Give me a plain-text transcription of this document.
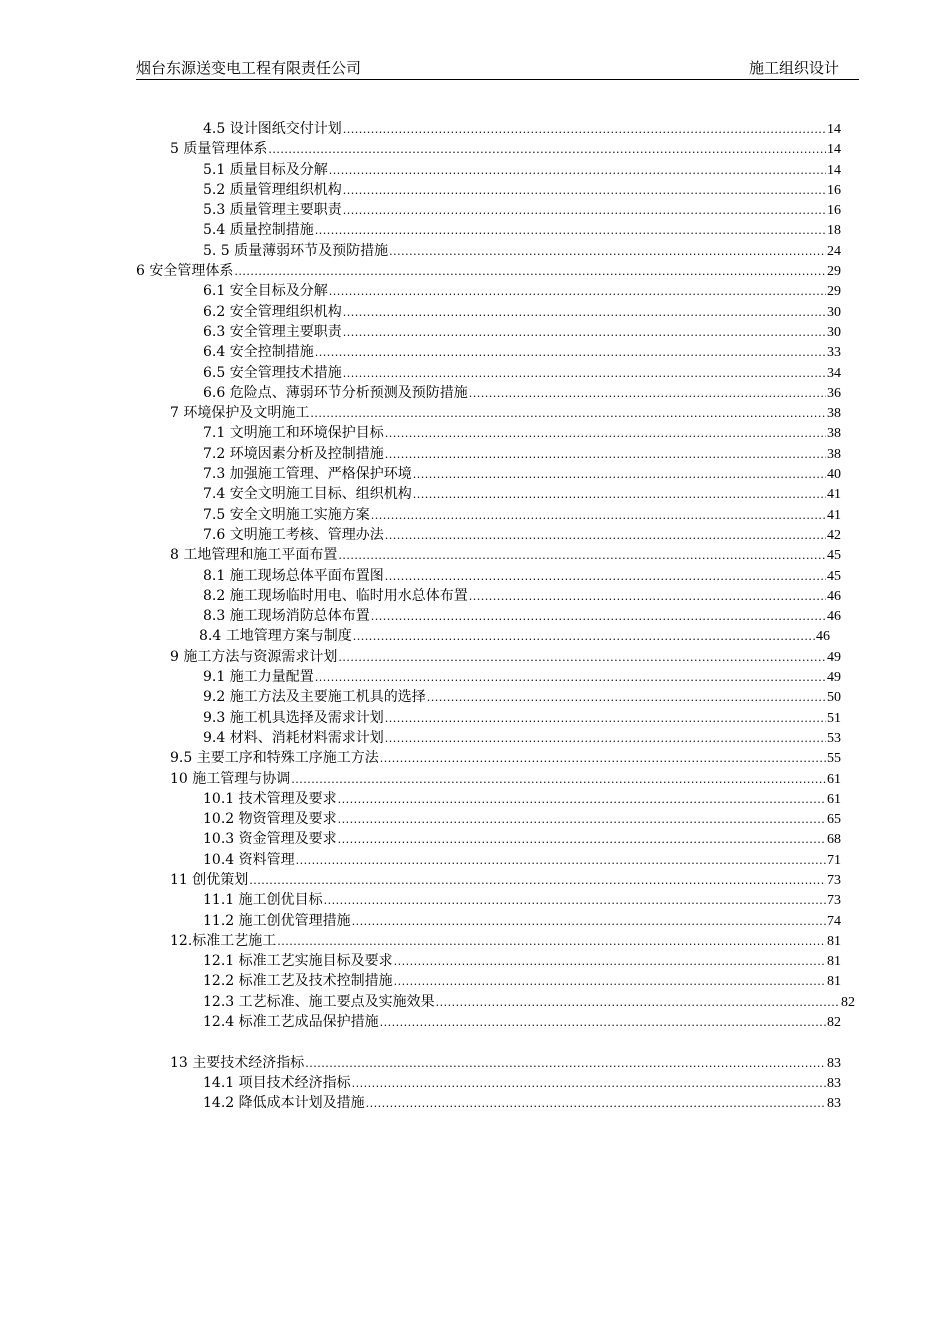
烟台东源送变电工程有限责任公司	施工组织设计
4.5 设计图纸交付计划 .....	14
5 质量管理体系 .....	14
5.1 质量目标及分解 .....	14
5.2 质量管理组织机构 .....	16
5.3 质量管理主要职责 .....	16
5.4 质量控制措施 .....	18
5. 5 质量薄弱环节及预防措施 .....	24
6 安全管理体系 .....	29
6.1 安全目标及分解 .....	29
6.2 安全管理组织机构 .....	30
6.3 安全管理主要职责 .....	30
6.4 安全控制措施 .....	33
6.5 安全管理技术措施 .....	34
6.6 危险点、薄弱环节分析预测及预防措施 .....	36
7 环境保护及文明施工 .....	38
7.1 文明施工和环境保护目标 .....	38
7.2 环境因素分析及控制措施 .....	38
7.3 加强施工管理、严格保护环境 .....	40
7.4 安全文明施工目标、组织机构 .....	41
7.5 安全文明施工实施方案 .....	41
7.6 文明施工考核、管理办法 .....	42
8 工地管理和施工平面布置 .....	45
8.1 施工现场总体平面布置图 .....	45
8.2 施工现场临时用电、临时用水总体布置 .....	46
8.3 施工现场消防总体布置 .....	46
8.4 工地管理方案与制度 .....	46
9 施工方法与资源需求计划 .....	49
9.1 施工力量配置 .....	49
9.2 施工方法及主要施工机具的选择 .....	50
9.3 施工机具选择及需求计划 .....	51
9.4 材料、消耗材料需求计划 .....	53
9.5 主要工序和特殊工序施工方法 .....	55
10 施工管理与协调 .....	61
10.1 技术管理及要求 .....	61
10.2 物资管理及要求 .....	65
10.3 资金管理及要求 .....	68
10.4 资料管理 .....	71
11 创优策划 .....	73
11.1 施工创优目标 .....	73
11.2 施工创优管理措施 .....	74
12.标准工艺施工 .....	81
12.1 标准工艺实施目标及要求 .....	81
12.2 标准工艺及技术控制措施 .....	81
12.3 工艺标准、施工要点及实施效果 .....	82
12.4 标准工艺成品保护措施 .....	82
13 主要技术经济指标 .....	83
14.1 项目技术经济指标 .....	83
14.2 降低成本计划及措施 .....	83
